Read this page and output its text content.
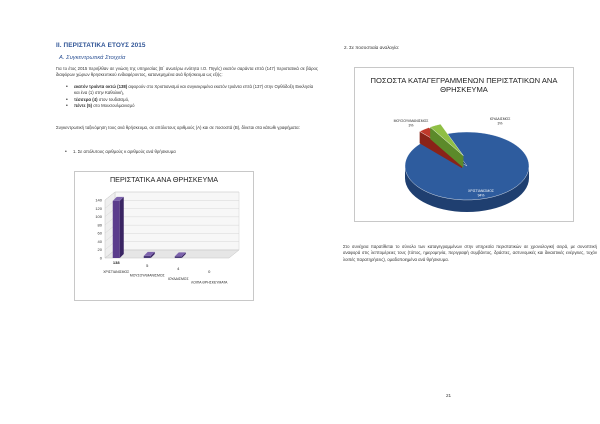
II. ΠΕΡΙΣΤΑΤΙΚΑ ΕΤΟΥΣ 2015
Α. Συγκεντρωτικά Στοιχεία
Για το έτος 2015 περιήλθαν σε γνώση της υπηρεσίας (Β΄ ανωτέρω ενότητα Ι.Ο. Πηγές) εκατόν σαράντα επτά (147) περιστατικά σε βάρος διαφόρων χώρων θρησκευτικού ενδιαφέροντος, κατανεμημένα ανά θρήσκευμα ως εξής:
• εκατόν τριάντα οκτώ (138) αφορούν στο Χριστιανισμό και συγκεκριμένα εκατόν τριάντα επτά (137) στην Ορθόδοξη Εκκλησία και ένα (1) στην Καθολική,
• τέσσερα (4) στον Ιουδαϊσμό,
• πέντε (5) στο Μουσουλμανισμό
Συγκεντρωτική ταξινόμηση τους ανά θρήσκευμα, σε απόλυτους αριθμούς (Α) και σε ποσοστά (Β), δίνεται στα κάτωθι γραφήματα:
• 1. Σε απόλυτους αριθμούς κ αριθμούς ανά θρήσκευμα
ΠΕΡΙΣΤΑΤΙΚΑ ΑΝΑ ΘΡΗΣΚΕΥΜΑ
0
20
40
60
80
100
120
140
138
ΧΡΙΣΤΙΑΝΙΣΜΟΣ
5
ΜΟΥΣΟΥΛΜΑΝΙΣΜΟΣ
4
ΙΟΥΔΑΙΣΜΟΣ
0
ΛΟΙΠΑ ΘΡΗΣΚΕΥΜΑΤΑ
2. Σε ποσοστιαία αναλογία:
ΠΟΣΟΣΤΑ ΚΑΤΑΓΕΓΡΑΜΜΕΝΩΝ ΠΕΡΙΣΤΑΤΙΚΩΝ ΑΝΑ ΘΡΗΣΚΕΥΜΑ
ΧΡΙΣΤΙΑΝΙΣΜΟΣ
94%
ΜΟΥΣΟΥΛΜΑΝΙΣΜΟΣ
3%
ΙΟΥΔΑΙΣΜΟΣ
3%
Στο συνέχεια παρατίθεται το σύνολο των καταγεγραμμένων στην υπηρεσία περιστατικών σε χρονολογική σειρά, με συνοπτική αναφορά στις λεπτομέρειες τους (τόπος, ημερομηνία, περιγραφή συμβάντος, δράστες, αστυνομικές και δικαστικές ενέργειες, τυχόν λοιπές παρατηρήσεις), ομαδοποιημένα ανά θρήσκευμα.
21
